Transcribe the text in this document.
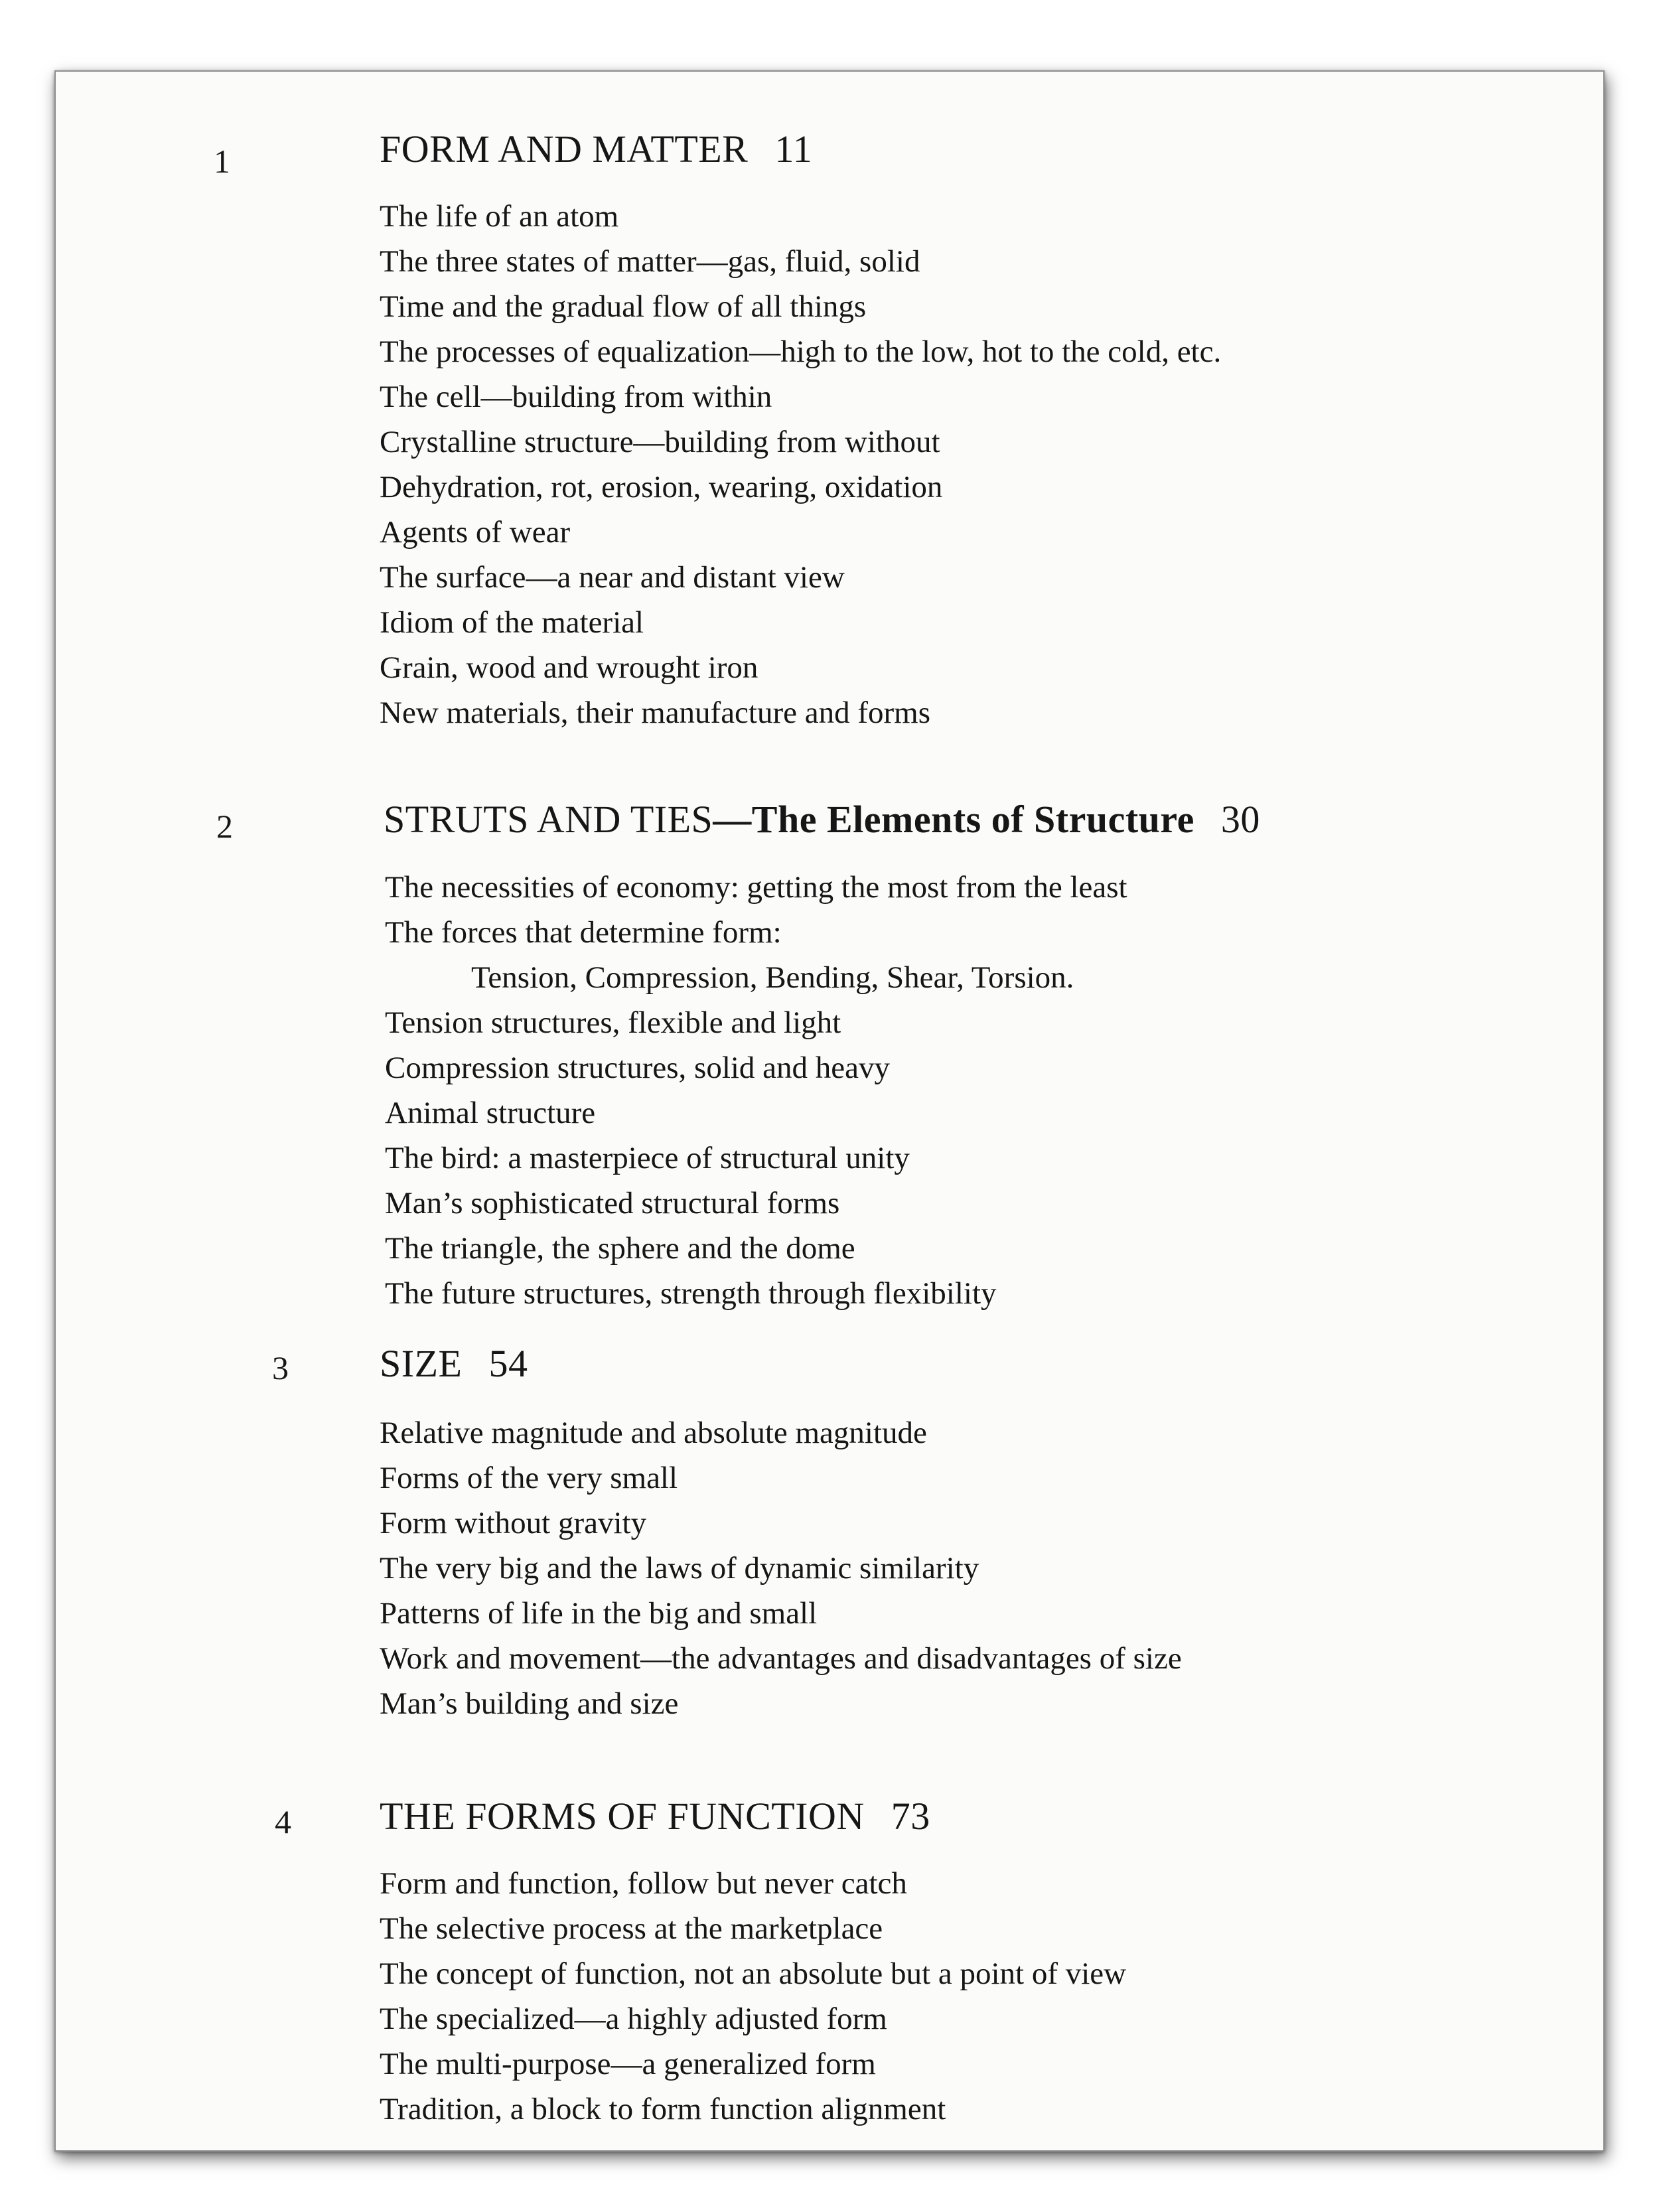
1	FORM AND MATTER 11
The life of an atom
The three states of matter—gas, fluid, solid
Time and the gradual flow of all things
The processes of equalization—high to the low, hot to the cold, etc.
The cell—building from within
Crystalline structure—building from without
Dehydration, rot, erosion, wearing, oxidation
Agents of wear
The surface—a near and distant view
Idiom of the material
Grain, wood and wrought iron
New materials, their manufacture and forms
2	STRUTS AND TIES—The Elements of Structure 30
The necessities of economy: getting the most from the least
The forces that determine form:
Tension, Compression, Bending, Shear, Torsion.
Tension structures, flexible and light
Compression structures, solid and heavy
Animal structure
The bird: a masterpiece of structural unity
Man’s sophisticated structural forms
The triangle, the sphere and the dome
The future structures, strength through flexibility
3 SIZE 54
Relative magnitude and absolute magnitude
Forms of the very small
Form without gravity
The very big and the laws of dynamic similarity
Patterns of life in the big and small
Work and movement—the advantages and disadvantages of size
Man’s building and size
4 THE FORMS OF FUNCTION 73
Form and function, follow but never catch
The selective process at the marketplace
The concept of function, not an absolute but a point of view
The specialized—a highly adjusted form
The multi-purpose—a generalized form
Tradition, a block to form function alignment
